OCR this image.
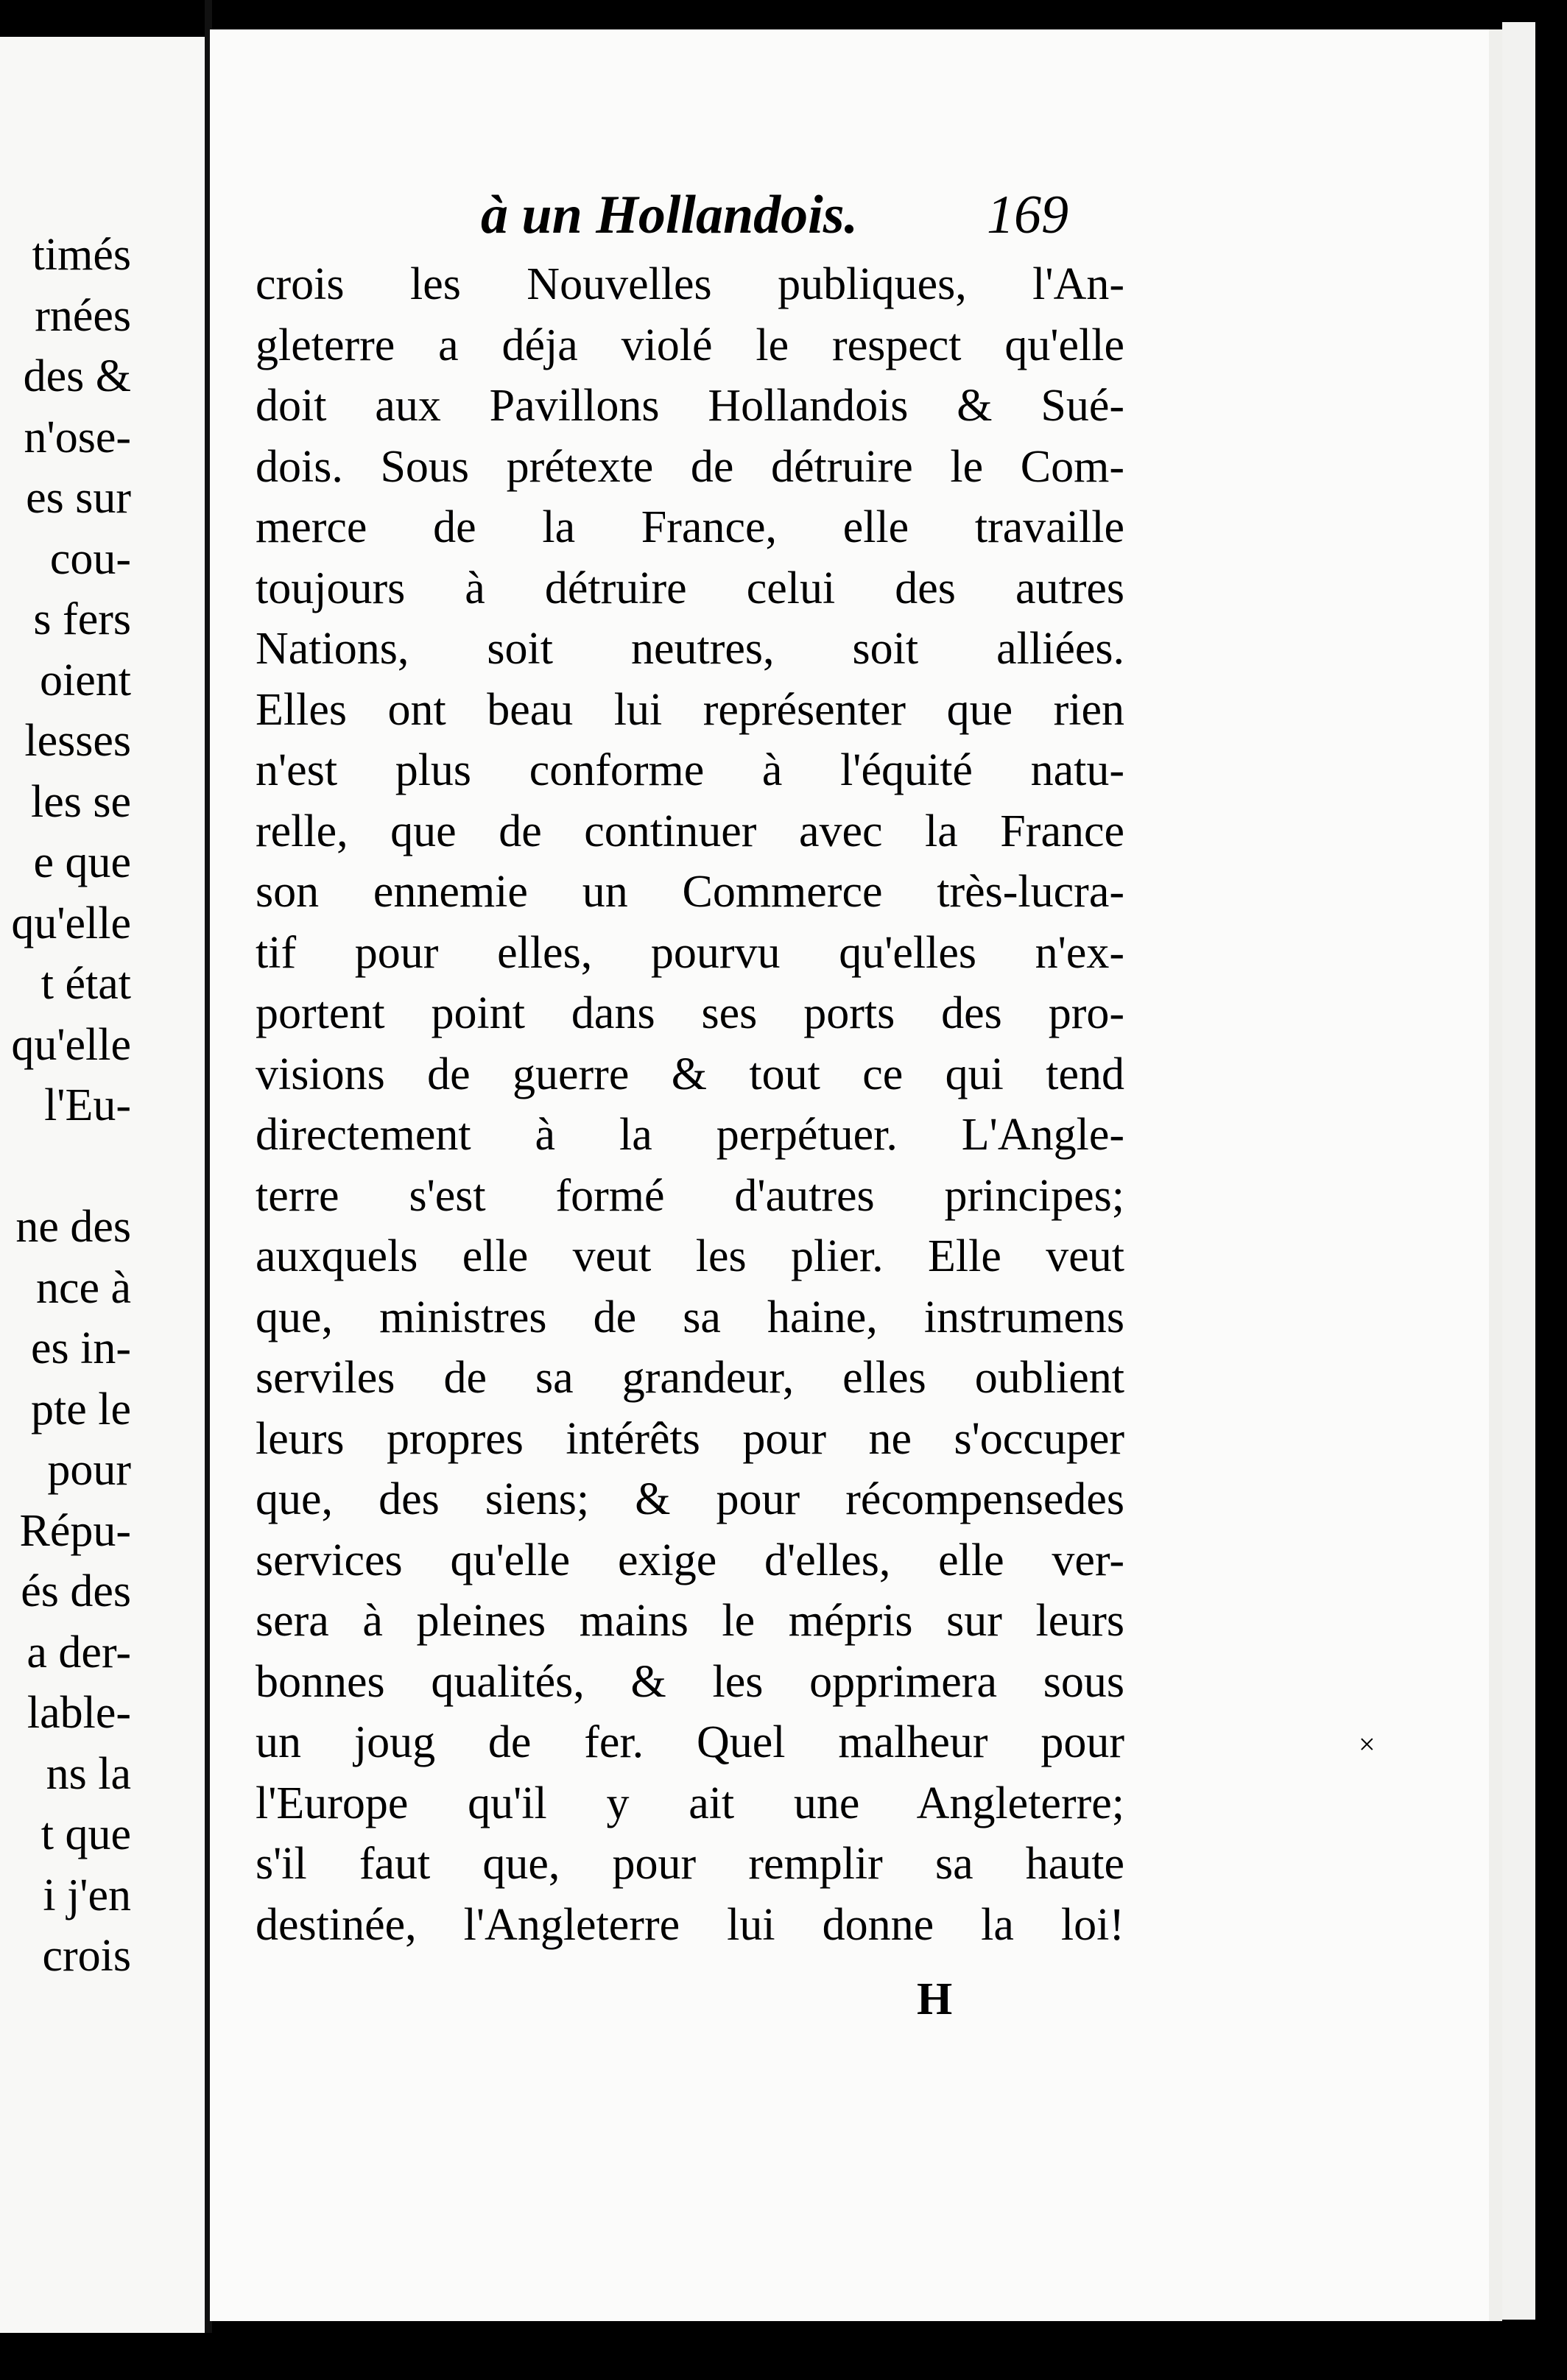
timés
rnées
des &
n'ose-
es sur
cou-
s fers
oient
lesses
les se
e que
qu'elle
t état
qu'elle
l'Eu-
ne des
nce à
es in-
pte le
pour
Répu-
és des
a der-
lable-
ns la
t que
i j'en
crois
à un Hollandois. 169
crois les Nouvelles publiques, l'An-
gleterre a déja violé le respect qu'elle
doit aux Pavillons Hollandois & Sué-
dois. Sous prétexte de détruire le Com-
merce de la France, elle travaille
toujours à détruire celui des autres
Nations, soit neutres, soit alliées.
Elles ont beau lui représenter que rien
n'est plus conforme à l'équité natu-
relle, que de continuer avec la France
son ennemie un Commerce très-lucra-
tif pour elles, pourvu qu'elles n'ex-
portent point dans ses ports des pro-
visions de guerre & tout ce qui tend
directement à la perpétuer. L'Angle-
terre s'est formé d'autres principes;
auxquels elle veut les plier. Elle veut
que, ministres de sa haine, instrumens
serviles de sa grandeur, elles oublient
leurs propres intérêts pour ne s'occuper
que, des siens; & pour récompensedes
services qu'elle exige d'elles, elle ver-
sera à pleines mains le mépris sur leurs
bonnes qualités, & les opprimera sous
un joug de fer. Quel malheur pour
l'Europe qu'il y ait une Angleterre;
s'il faut que, pour remplir sa haute
destinée, l'Angleterre lui donne la loi!
H
×
